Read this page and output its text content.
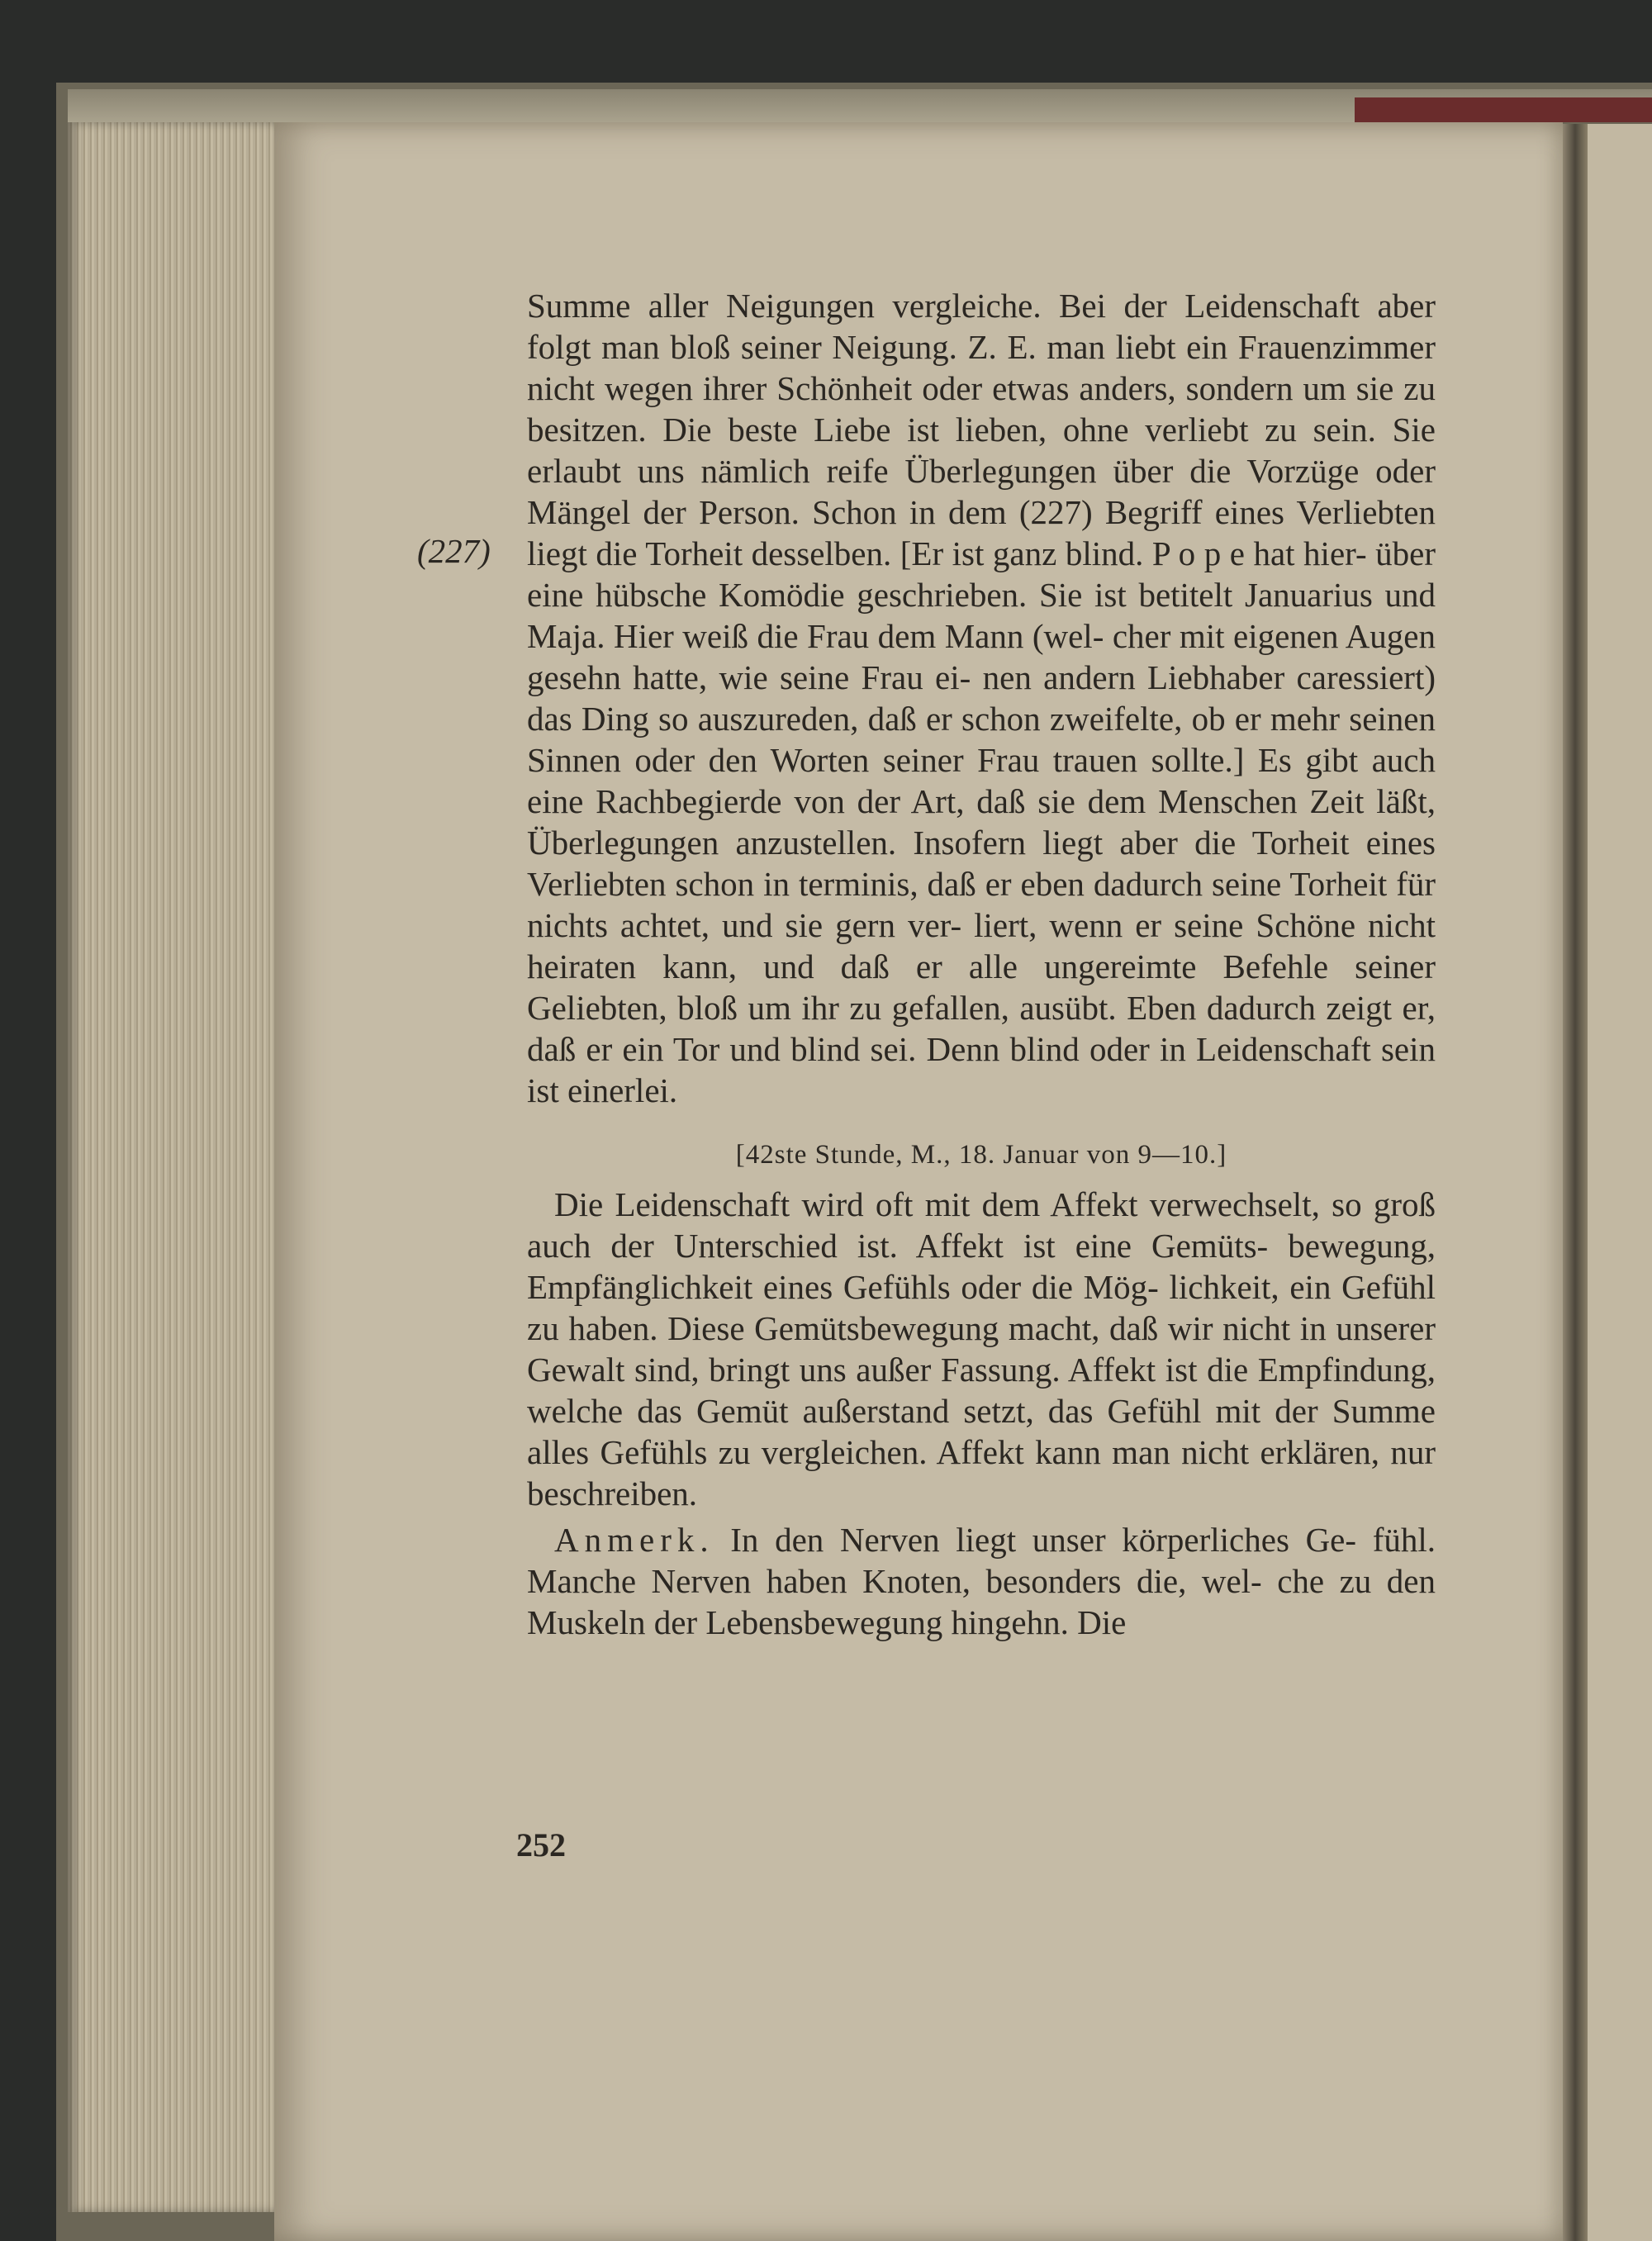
(227)

Summe aller Neigungen vergleiche. Bei der Leidenschaft aber folgt man bloß seiner Neigung. Z. E. man liebt ein Frauenzimmer nicht wegen ihrer Schönheit oder etwas anders, sondern um sie zu besitzen. Die beste Liebe ist lieben, ohne verliebt zu sein. Sie erlaubt uns nämlich reife Überlegungen über die Vorzüge oder Mängel der Person. Schon in dem (227) Begriff eines Verliebten liegt die Torheit desselben. [Er ist ganz blind. P o p e hat hier- über eine hübsche Komödie geschrieben. Sie ist betitelt Januarius und Maja. Hier weiß die Frau dem Mann (wel- cher mit eigenen Augen gesehn hatte, wie seine Frau ei- nen andern Liebhaber caressiert) das Ding so auszureden, daß er schon zweifelte, ob er mehr seinen Sinnen oder den Worten seiner Frau trauen sollte.] Es gibt auch eine Rachbegierde von der Art, daß sie dem Menschen Zeit läßt, Überlegungen anzustellen. Insofern liegt aber die Torheit eines Verliebten schon in terminis, daß er eben dadurch seine Torheit für nichts achtet, und sie gern ver- liert, wenn er seine Schöne nicht heiraten kann, und daß er alle ungereimte Befehle seiner Geliebten, bloß um ihr zu gefallen, ausübt. Eben dadurch zeigt er, daß er ein Tor und blind sei. Denn blind oder in Leidenschaft sein ist einerlei.

[42ste Stunde, M., 18. Januar von 9—10.]

Die Leidenschaft wird oft mit dem Affekt verwechselt, so groß auch der Unterschied ist. Affekt ist eine Gemüts- bewegung, Empfänglichkeit eines Gefühls oder die Mög- lichkeit, ein Gefühl zu haben. Diese Gemütsbewegung macht, daß wir nicht in unserer Gewalt sind, bringt uns außer Fassung. Affekt ist die Empfindung, welche das Gemüt außerstand setzt, das Gefühl mit der Summe alles Gefühls zu vergleichen. Affekt kann man nicht erklären, nur beschreiben.

Anmerk. In den Nerven liegt unser körperliches Ge- fühl. Manche Nerven haben Knoten, besonders die, wel- che zu den Muskeln der Lebensbewegung hingehn. Die

252
